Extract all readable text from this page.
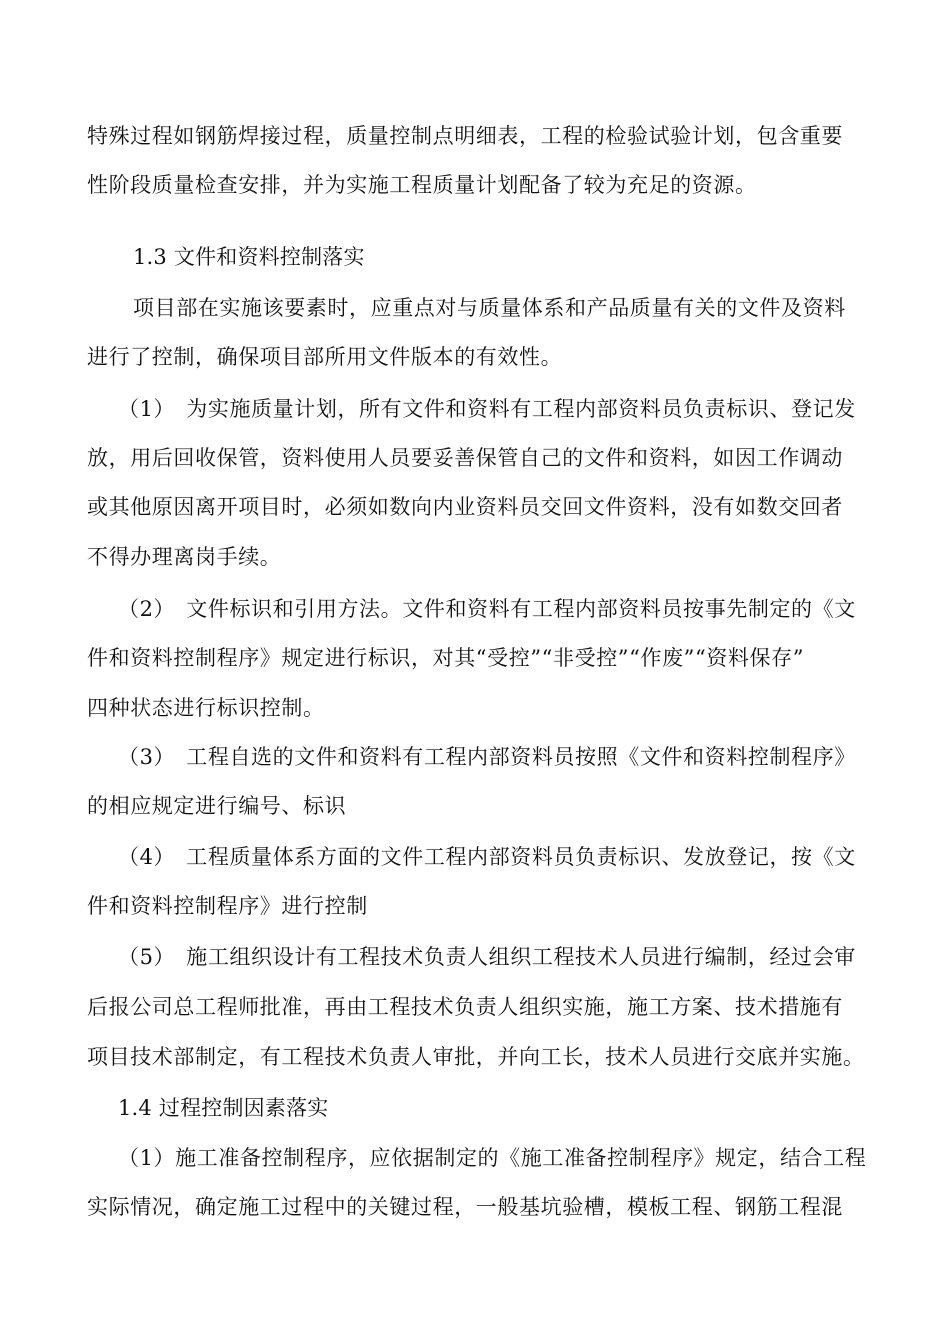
特殊过程如钢筋焊接过程，质量控制点明细表，工程的检验试验计划，包含重要
性阶段质量检查安排，并为实施工程质量计划配备了较为充足的资源。
1.3 文件和资料控制落实
项目部在实施该要素时，应重点对与质量体系和产品质量有关的文件及资料
进行了控制，确保项目部所用文件版本的有效性。
（1）　为实施质量计划，所有文件和资料有工程内部资料员负责标识、登记发
放，用后回收保管，资料使用人员要妥善保管自己的文件和资料，如因工作调动
或其他原因离开项目时，必须如数向内业资料员交回文件资料，没有如数交回者
不得办理离岗手续。
（2）　文件标识和引用方法。文件和资料有工程内部资料员按事先制定的《文
件和资料控制程序》规定进行标识，对其“受控”“非受控”“作废”“资料保存”
四种状态进行标识控制。
（3）　工程自选的文件和资料有工程内部资料员按照《文件和资料控制程序》
的相应规定进行编号、标识
（4）　工程质量体系方面的文件工程内部资料员负责标识、发放登记，按《文
件和资料控制程序》进行控制
（5）　施工组织设计有工程技术负责人组织工程技术人员进行编制，经过会审
后报公司总工程师批准，再由工程技术负责人组织实施，施工方案、技术措施有
项目技术部制定，有工程技术负责人审批，并向工长，技术人员进行交底并实施。
1.4 过程控制因素落实
（1）施工准备控制程序，应依据制定的《施工准备控制程序》规定，结合工程
实际情况，确定施工过程中的关键过程，一般基坑验槽，模板工程、钢筋工程混
